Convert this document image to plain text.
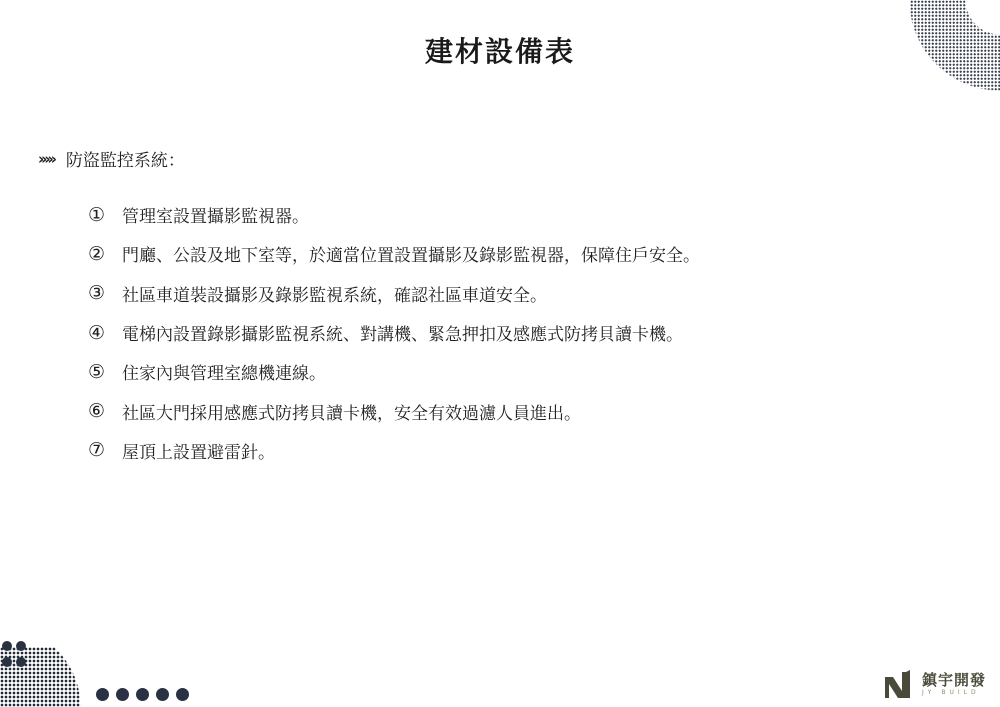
建材設備表
››››› 防盜監控系統：
① 管理室設置攝影監視器。
② 門廳、公設及地下室等，於適當位置設置攝影及錄影監視器，保障住戶安全。
③ 社區車道裝設攝影及錄影監視系統，確認社區車道安全。
④ 電梯內設置錄影攝影監視系統、對講機、緊急押扣及感應式防拷貝讀卡機。
⑤ 住家內與管理室總機連線。
⑥ 社區大門採用感應式防拷貝讀卡機，安全有效過濾人員進出。
⑦ 屋頂上設置避雷針。
鎮宇開發
JY BUILD
